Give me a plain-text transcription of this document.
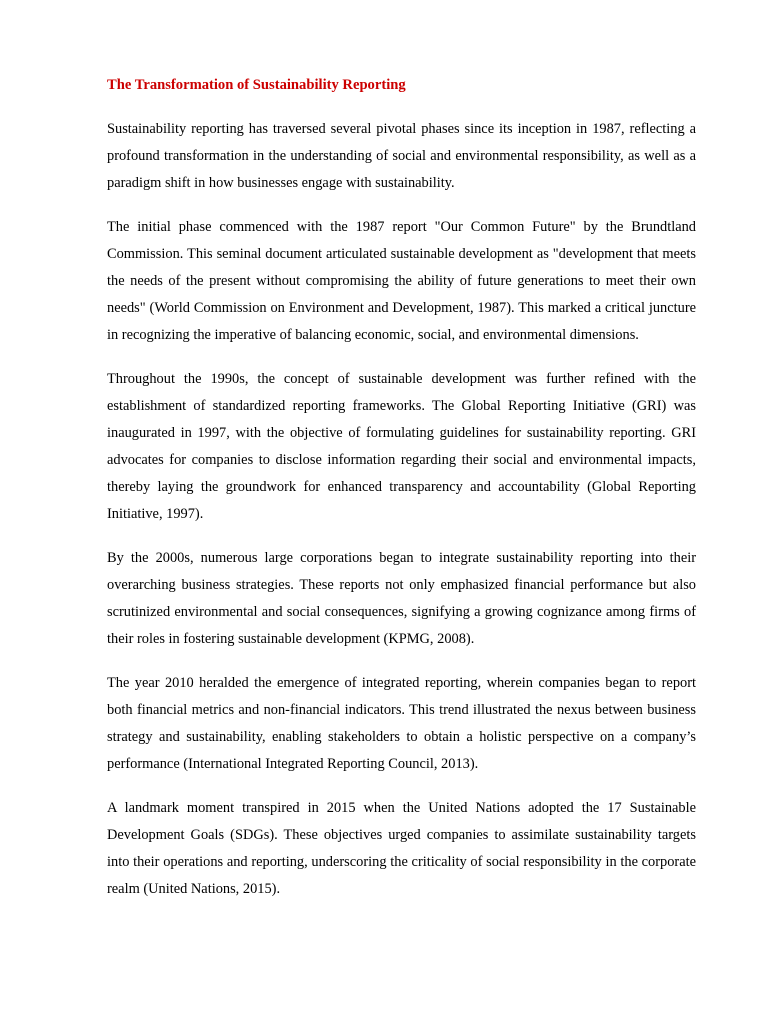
The Transformation of Sustainability Reporting

Sustainability reporting has traversed several pivotal phases since its inception in 1987, reflecting a profound transformation in the understanding of social and environmental responsibility, as well as a paradigm shift in how businesses engage with sustainability.

The initial phase commenced with the 1987 report "Our Common Future" by the Brundtland Commission. This seminal document articulated sustainable development as "development that meets the needs of the present without compromising the ability of future generations to meet their own needs" (World Commission on Environment and Development, 1987). This marked a critical juncture in recognizing the imperative of balancing economic, social, and environmental dimensions.

Throughout the 1990s, the concept of sustainable development was further refined with the establishment of standardized reporting frameworks. The Global Reporting Initiative (GRI) was inaugurated in 1997, with the objective of formulating guidelines for sustainability reporting. GRI advocates for companies to disclose information regarding their social and environmental impacts, thereby laying the groundwork for enhanced transparency and accountability (Global Reporting Initiative, 1997).

By the 2000s, numerous large corporations began to integrate sustainability reporting into their overarching business strategies. These reports not only emphasized financial performance but also scrutinized environmental and social consequences, signifying a growing cognizance among firms of their roles in fostering sustainable development (KPMG, 2008).

The year 2010 heralded the emergence of integrated reporting, wherein companies began to report both financial metrics and non-financial indicators. This trend illustrated the nexus between business strategy and sustainability, enabling stakeholders to obtain a holistic perspective on a company’s performance (International Integrated Reporting Council, 2013).

A landmark moment transpired in 2015 when the United Nations adopted the 17 Sustainable Development Goals (SDGs). These objectives urged companies to assimilate sustainability targets into their operations and reporting, underscoring the criticality of social responsibility in the corporate realm (United Nations, 2015).
